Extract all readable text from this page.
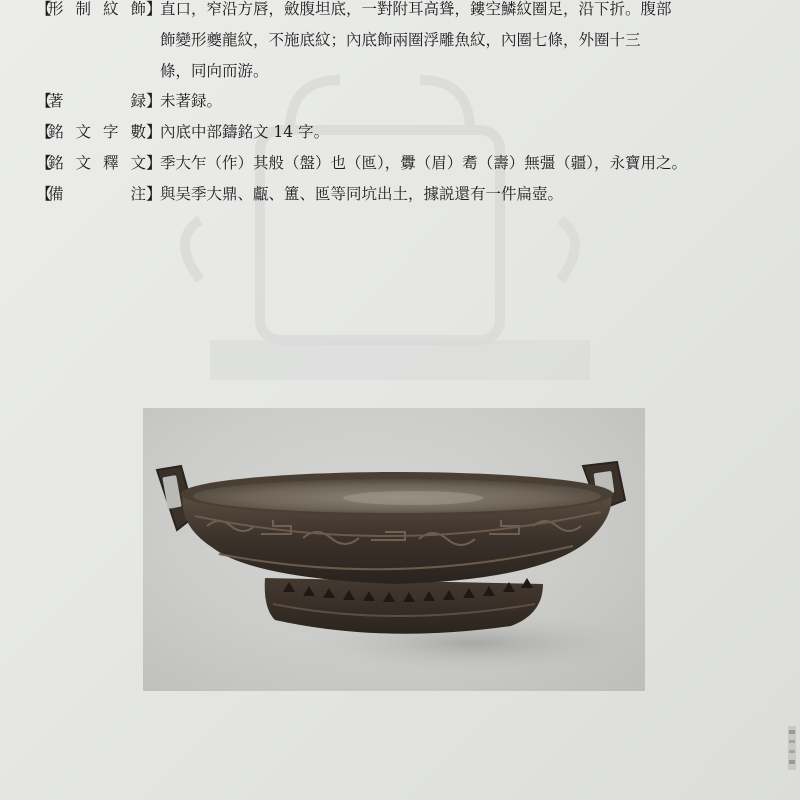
【形制紋飾】
直口，窄沿方唇，斂腹坦底，一對附耳高聳，鏤空鱗紋圈足，沿下折。腹部
飾變形夔龍紋，不施底紋；內底飾兩圈浮雕魚紋，內圈七條，外圈十三
條，同向而游。
【著　　録】
未著録。
【銘文字數】
內底中部鑄銘文 14 字。
【銘文釋文】
季大乍（作）其般（盤）也（匜），釁（眉）耈（壽）無彊（疆），永寶用之。
【備　　注】
與吴季大鼎、甗、簠、匜等同坑出土，據説還有一件扁壺。
